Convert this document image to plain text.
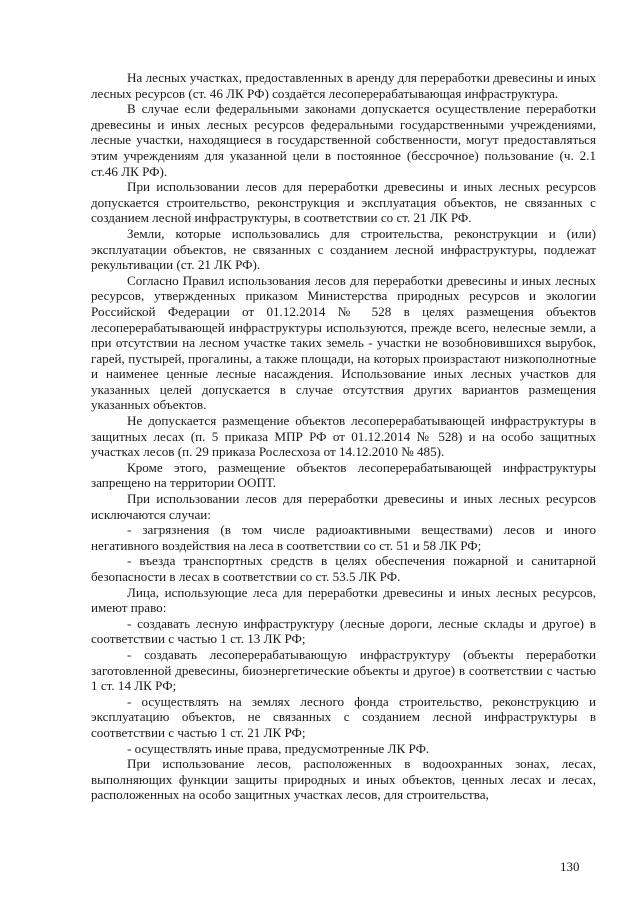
На лесных участках, предоставленных в аренду для переработки древесины и иных лесных ресурсов (ст. 46 ЛК РФ) создаётся лесоперерабатывающая инфраструктура.

В случае если федеральными законами допускается осуществление переработки древесины и иных лесных ресурсов федеральными государственными учреждениями, лесные участки, находящиеся в государственной собственности, могут предоставляться этим учреждениям для указанной цели в постоянное (бессрочное) пользование (ч. 2.1 ст.46 ЛК РФ).

При использовании лесов для переработки древесины и иных лесных ресурсов допускается строительство, реконструкция и эксплуатация объектов, не связанных с созданием лесной инфраструктуры, в соответствии со ст. 21 ЛК РФ.

Земли, которые использовались для строительства, реконструкции и (или) эксплуатации объектов, не связанных с созданием лесной инфраструктуры, подлежат рекультивации (ст. 21 ЛК РФ).

Согласно Правил использования лесов для переработки древесины и иных лесных ресурсов, утвержденных приказом Министерства природных ресурсов и экологии Российской Федерации от 01.12.2014 № 528 в целях размещения объектов лесоперерабатывающей инфраструктуры используются, прежде всего, нелесные земли, а при отсутствии на лесном участке таких земель - участки не возобновившихся вырубок, гарей, пустырей, прогалины, а также площади, на которых произрастают низкополнотные и наименее ценные лесные насаждения. Использование иных лесных участков для указанных целей допускается в случае отсутствия других вариантов размещения указанных объектов.

Не допускается размещение объектов лесоперерабатывающей инфраструктуры в защитных лесах (п. 5 приказа МПР РФ от 01.12.2014 № 528) и на особо защитных участках лесов (п. 29 приказа Рослесхоза от 14.12.2010 № 485).

Кроме этого, размещение объектов лесоперерабатывающей инфраструктуры запрещено на территории ООПТ.

При использовании лесов для переработки древесины и иных лесных ресурсов исключаются случаи:

- загрязнения (в том числе радиоактивными веществами) лесов и иного негативного воздействия на леса в соответствии со ст. 51 и 58 ЛК РФ;

- въезда транспортных средств в целях обеспечения пожарной и санитарной безопасности в лесах в соответствии со ст. 53.5 ЛК РФ.

Лица, использующие леса для переработки древесины и иных лесных ресурсов, имеют право:

- создавать лесную инфраструктуру (лесные дороги, лесные склады и другое) в соответствии с частью 1 ст. 13 ЛК РФ;

- создавать лесоперерабатывающую инфраструктуру (объекты переработки заготовленной древесины, биоэнергетические объекты и другое) в соответствии с частью 1 ст. 14 ЛК РФ;

- осуществлять на землях лесного фонда строительство, реконструкцию и эксплуатацию объектов, не связанных с созданием лесной инфраструктуры в соответствии с частью 1 ст. 21 ЛК РФ;

- осуществлять иные права, предусмотренные ЛК РФ.

При использование лесов, расположенных в водоохранных зонах, лесах, выполняющих функции защиты природных и иных объектов, ценных лесах и лесах, расположенных на особо защитных участках лесов, для строительства,

130
